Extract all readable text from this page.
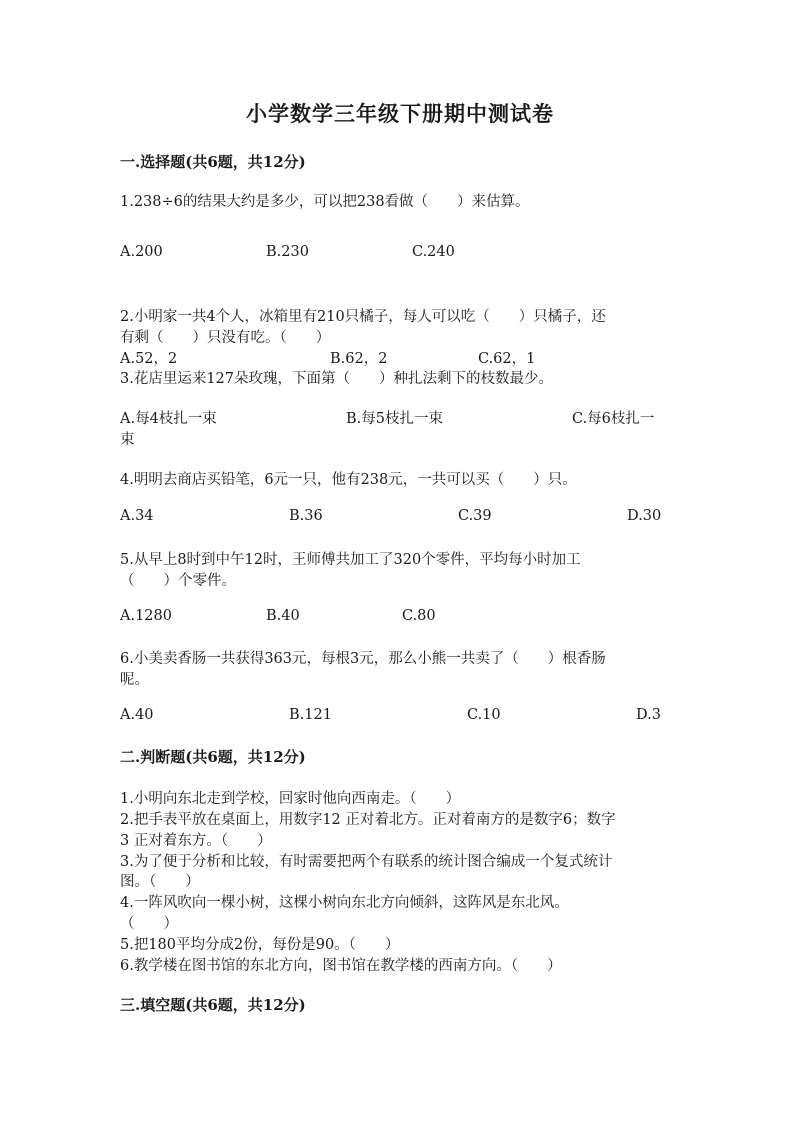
小学数学三年级下册期中测试卷
一.选择题(共6题，共12分)
1.238÷6的结果大约是多少，可以把238看做（　　）来估算。
A.200	B.230	C.240
2.小明家一共4个人，冰箱里有210只橘子，每人可以吃（　　）只橘子，还
有剩（　　）只没有吃。（　　）
A.52，2	B.62，2	C.62，1
3.花店里运来127朵玫瑰，下面第（　　）种扎法剩下的枝数最少。
A.每4枝扎一束	B.每5枝扎一束	C.每6枝扎一
束
4.明明去商店买铅笔，6元一只，他有238元，一共可以买（　　）只。
A.34	B.36	C.39	D.30
5.从早上8时到中午12时，王师傅共加工了320个零件，平均每小时加工
（　　）个零件。
A.1280	B.40	C.80
6.小美卖香肠一共获得363元，每根3元，那么小熊一共卖了（　　）根香肠
呢。
A.40	B.121	C.10	D.3
二.判断题(共6题，共12分)
1.小明向东北走到学校，回家时他向西南走。（　　）
2.把手表平放在桌面上，用数字12 正对着北方。正对着南方的是数字6；数字
3 正对着东方。（　　）
3.为了便于分析和比较，有时需要把两个有联系的统计图合编成一个复式统计
图。（　　）
4.一阵风吹向一棵小树，这棵小树向东北方向倾斜，这阵风是东北风。
（　　）
5.把180平均分成2份，每份是90。（　　）
6.教学楼在图书馆的东北方向，图书馆在教学楼的西南方向。（　　）
三.填空题(共6题，共12分)
